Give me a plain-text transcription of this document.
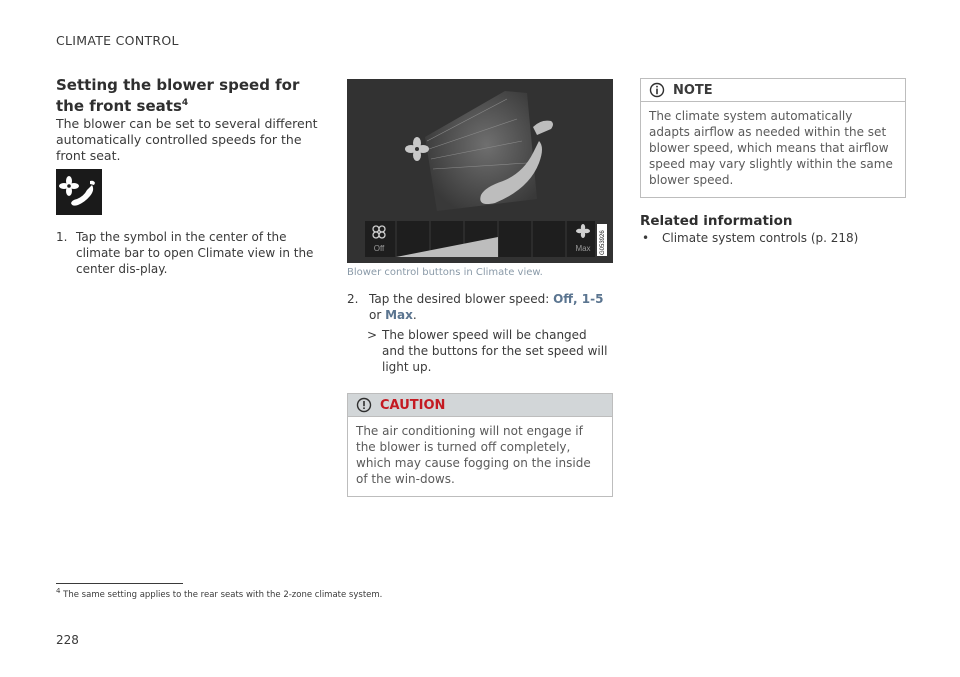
CLIMATE CONTROL
Setting the blower speed for the front seats$^4$

The blower can be set to several different automatically controlled speeds for the front seat.

1. Tap the symbol in the center of the climate bar to open Climate view in the center dis-play.
Off	Max G053926
Blower control buttons in Climate view.
2. Tap the desired blower speed: Off, 1-5 or Max.
> The blower speed will be changed and the buttons for the set speed will light up.
CAUTION
The air conditioning will not engage if the blower is turned off completely, which may cause fogging on the inside of the win-dows.
NOTE
The climate system automatically adapts airflow as needed within the set blower speed, which means that airflow speed may vary slightly within the same blower speed.
Related information
• Climate system controls (p. 218)
$^4$ The same setting applies to the rear seats with the 2-zone climate system.
228
